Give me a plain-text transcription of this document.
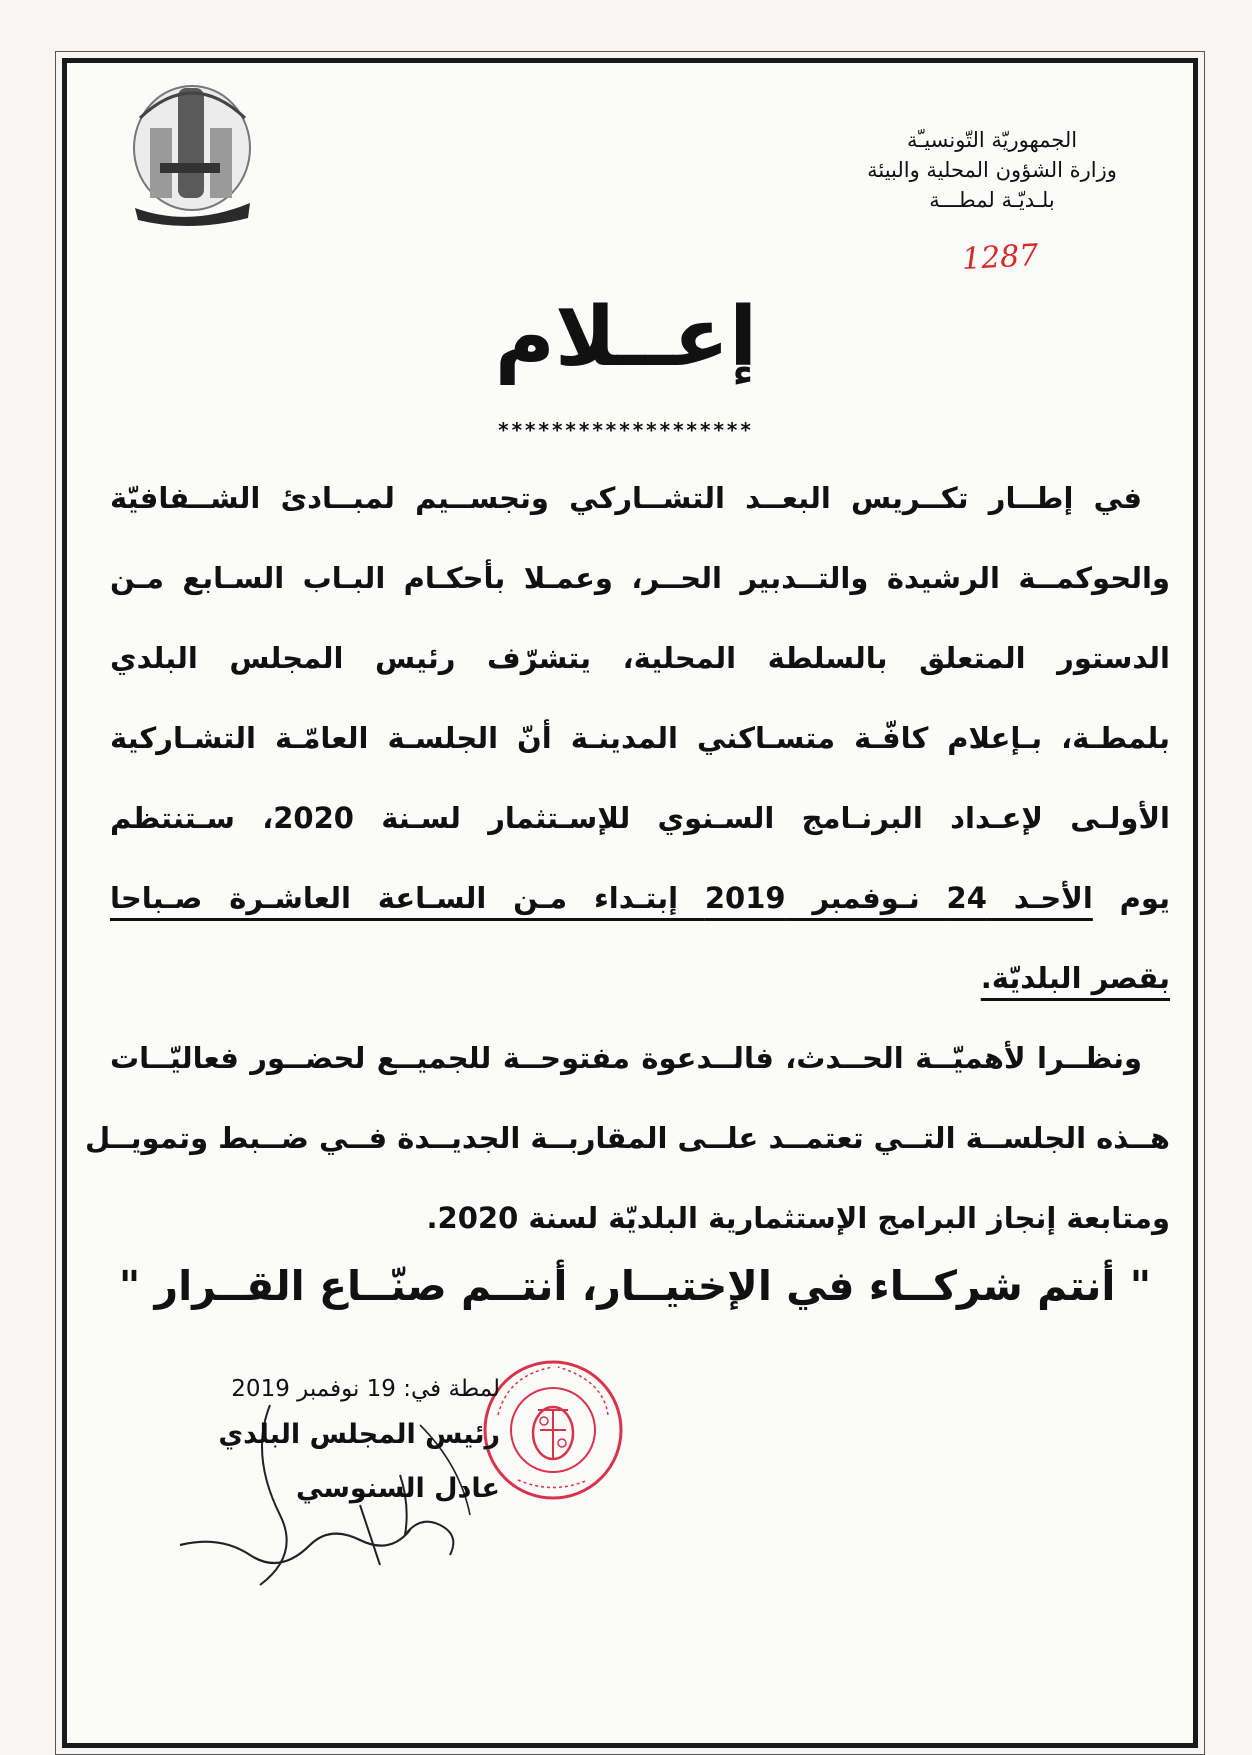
الجمهوريّة التّونسيـّة
وزارة الشؤون المحلية والبيئة
بلـديّـة لمطـــة
1287
إعــلام
*******************
في إطــار تكــريس البعــد التشــاركي وتجســيم لمبــادئ الشــفافيّة
والحوكمــة الرشيدة والتــدبير الحــر، وعمـلا بأحكـام البـاب السـابع مـن
الدستور المتعلق بالسلطة المحلية، يتشرّف رئيس المجلس البلدي
بلمطـة، بـإعلام كافّـة متسـاكني المدينـة أنّ الجلسـة العامّـة التشـاركية
الأولـى لإعـداد البرنـامج السـنوي للإسـتثمار لسـنة 2020، سـتنتظم
يوم الأحـد 24 نـوفمبر 2019 إبتـداء مـن السـاعة العاشـرة صـباحا
بقصر البلديّة.
ونظــرا لأهميّــة الحــدث، فالــدعوة مفتوحــة للجميــع لحضــور فعاليّــات
هــذه الجلســة التــي تعتمــد علــى المقاربــة الجديــدة فــي ضــبط وتمويــل
ومتابعة إنجاز البرامج الإستثمارية البلديّة لسنة 2020.
" أنتم شركــاء في الإختيــار، أنتــم صنّــاع القــرار "
لمطة في: 19 نوفمبر 2019
رئيس المجلس البلدي
عادل السنوسي
